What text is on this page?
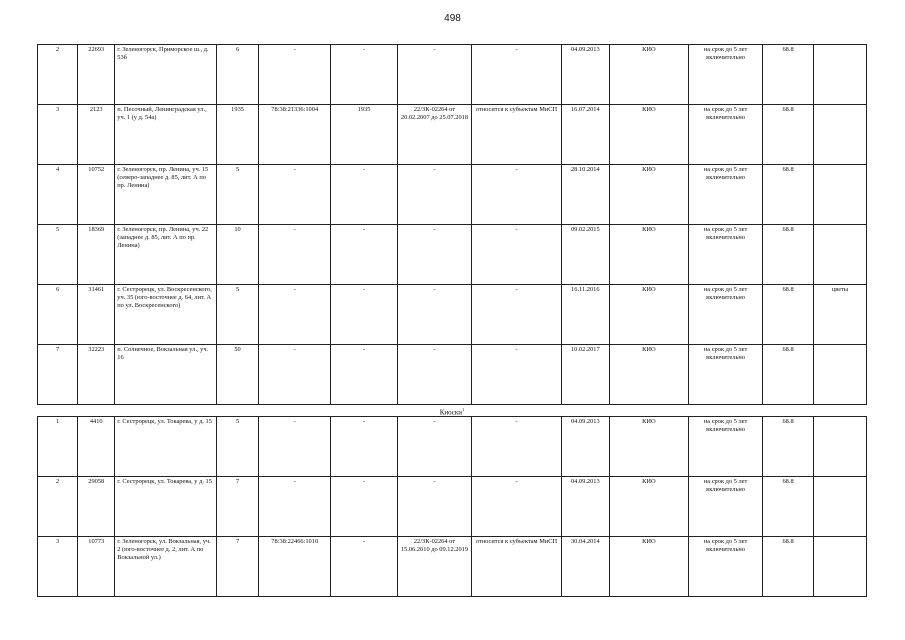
498
2	22693	г. Зеленогорск, Приморское ш., д. 53б	6	-	-	-	-	04.09.2013	КИО	на срок до 5 лет включительно	68.8	
3	2123	п. Песочный, Ленинградская ул., уч. 1 (у д. 54а)	1935	78:38:21336:1004	1935	22/ЗК-02264 от 20.02.2007 до 25.07.2018	относится к субъектам МиСП	16.07.2014	КИО	на срок до 5 лет включительно	68.8	
4	10752	г. Зеленогорск, пр. Ленина, уч. 15 (северо-западнее д. 85, лит. А по пр. Ленина)	5	-	-	-	-	28.10.2014	КИО	на срок до 5 лет включительно	68.8	
5	18369	г. Зеленогорск, пр. Ленина, уч. 22 (западнее д. 85, лит. А по пр. Ленина)	10	-	-	-	-	09.02.2015	КИО	на срок до 5 лет включительно	68.8	
6	31461	г. Сестрорецк, ул. Воскресенского, уч. 35 (юго-восточнее д. 64, лит. А по ул. Воскресенского)	5	-	-	-	-	16.11.2016	КИО	на срок до 5 лет включительно	68.8	цветы
7	32223	п. Солнечное, Вокзальная ул., уч. 16	50	-	-	-	-	10.02.2017	КИО	на срок до 5 лет включительно	68.8	
Киоски$^1$
1	4410	г. Сестрорецк, ул. Токарева, у д. 15	5	-	-	-	-	04.09.2013	КИО	на срок до 5 лет включительно	68.8	
2	29058	г. Сестрорецк, ул. Токарева, у д. 15	7	-	-	-	-	04.09.2013	КИО	на срок до 5 лет включительно	68.8	
3	10773	г. Зеленогорск, ул. Вокзальная, уч. 2 (юго-восточнее д. 2, лит. А по Вокзальной ул.)	7	78:38:22466:1010	-	22/ЗК-02264 от 15.06.2010 до 09.12.2019	относится к субъектам МиСП	30.04.2014	КИО	на срок до 5 лет включительно	68.8	
